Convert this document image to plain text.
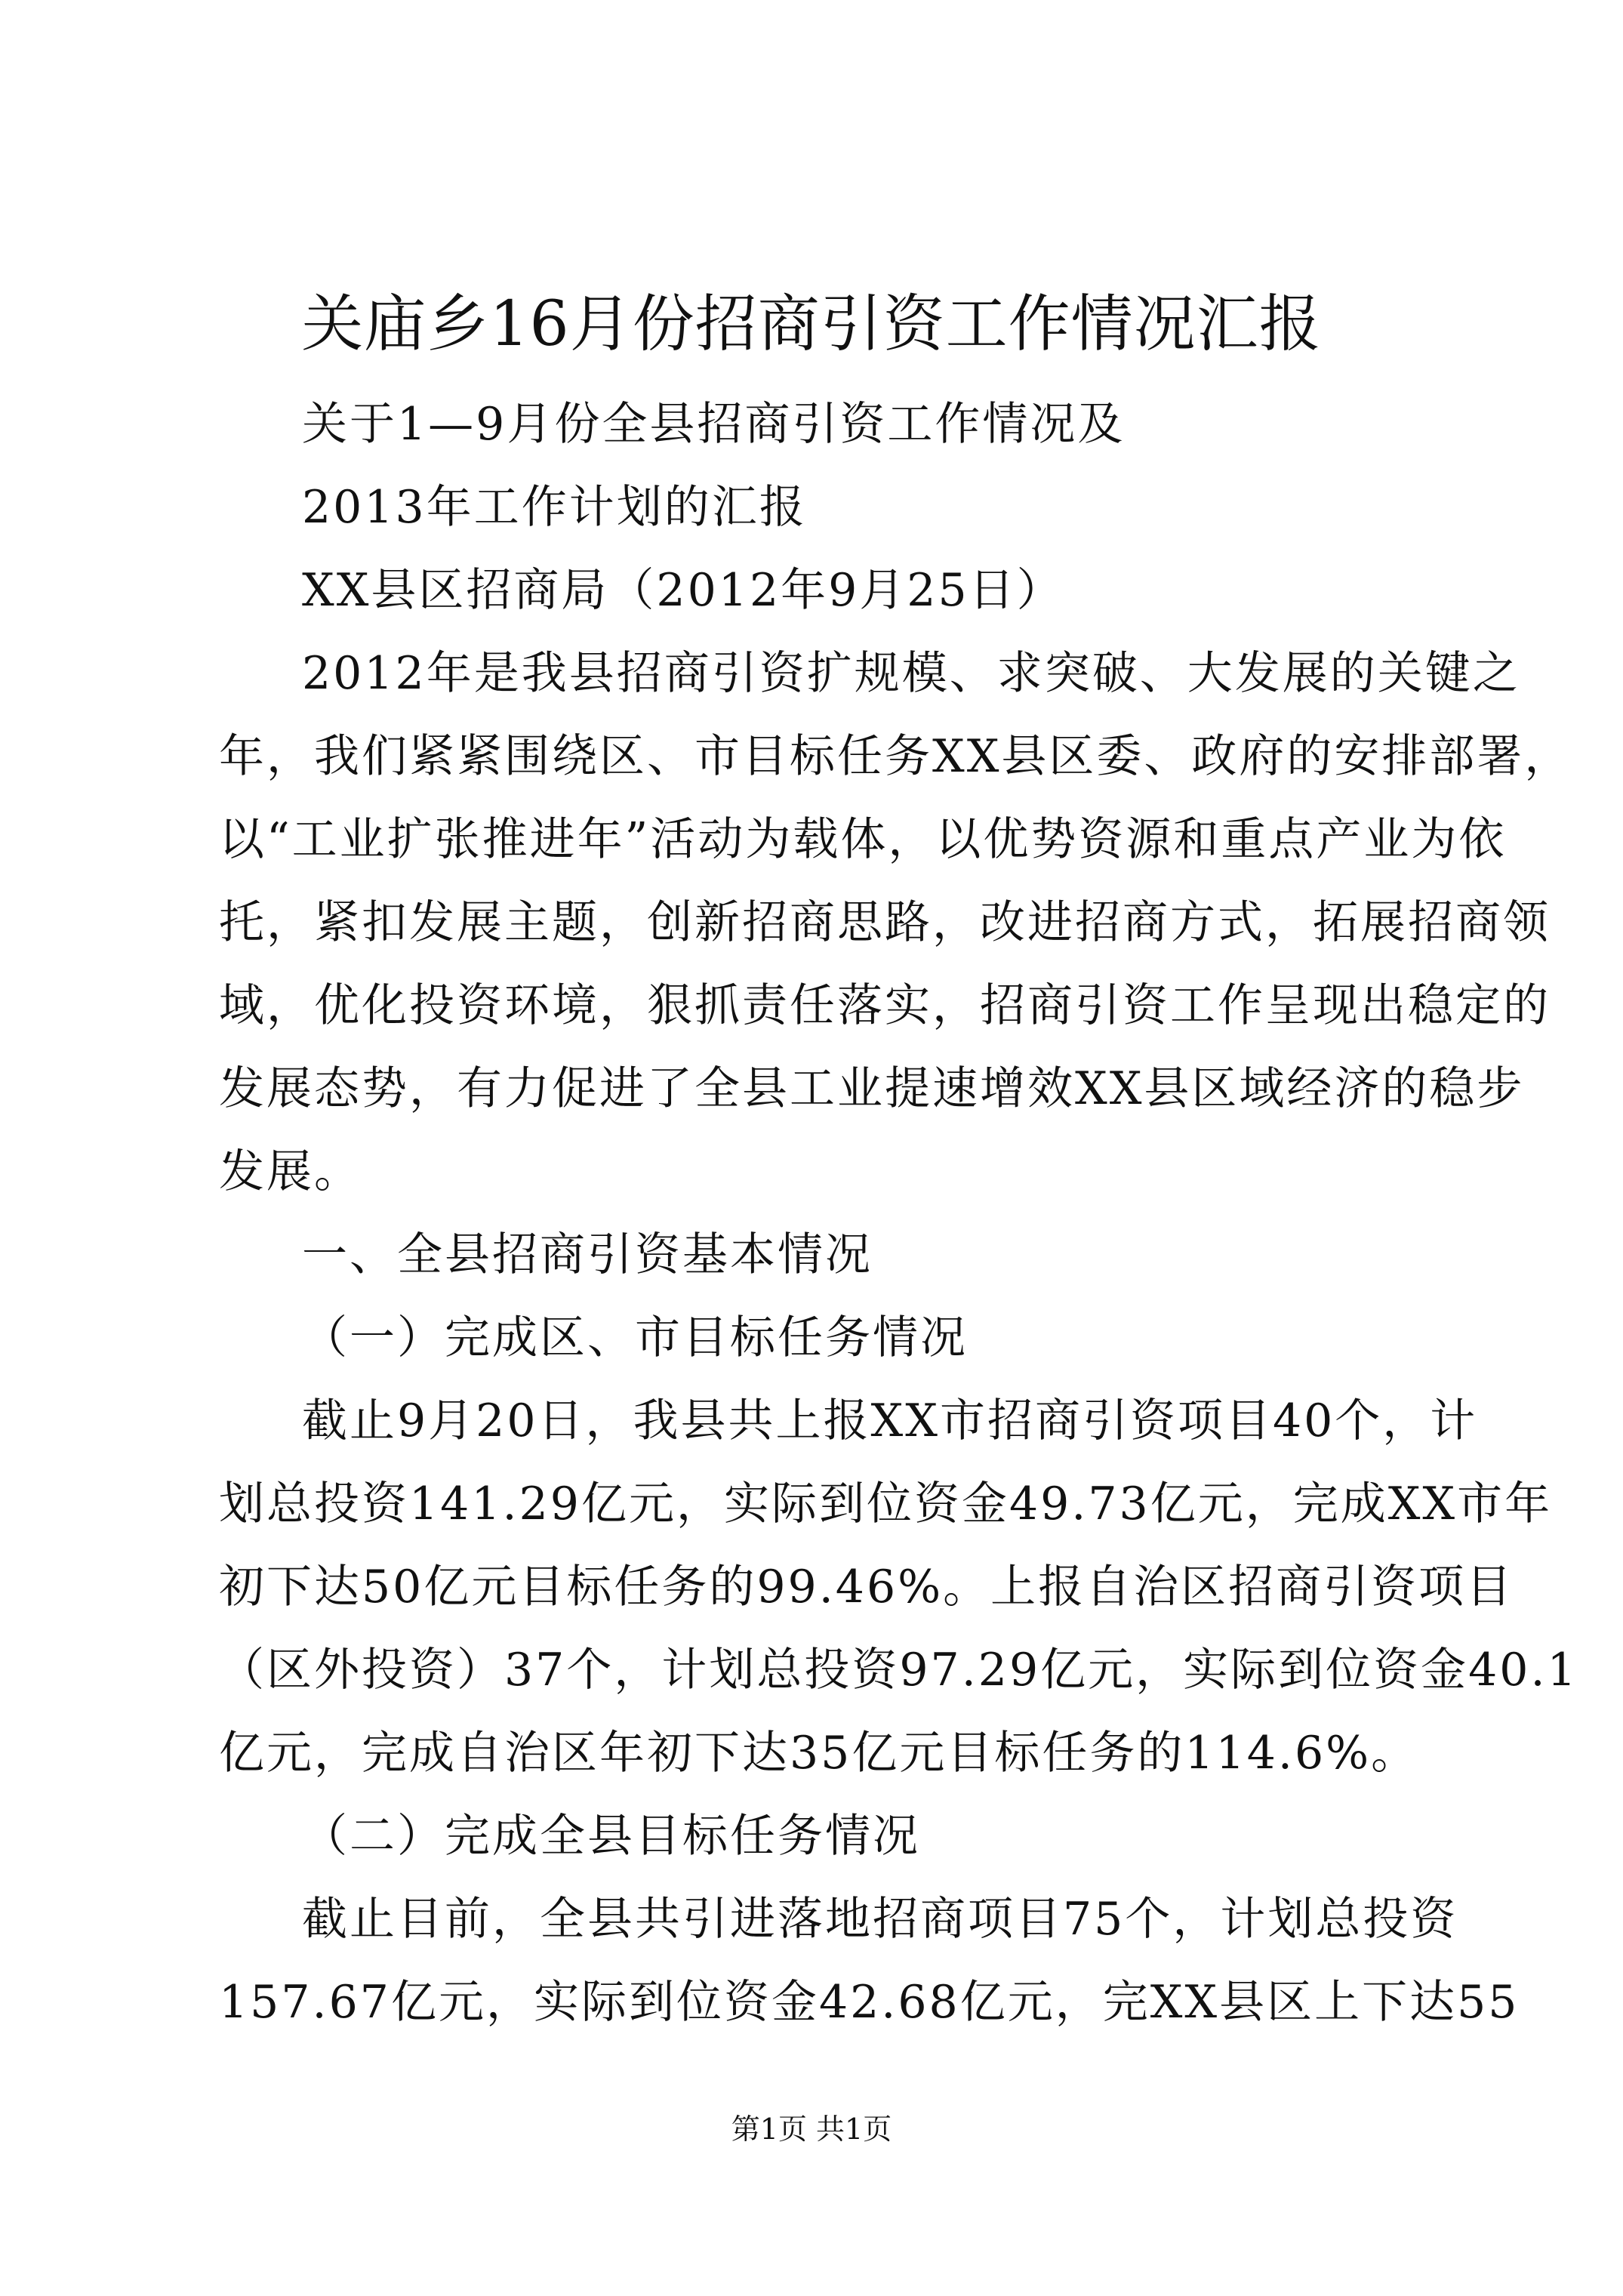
关庙乡16月份招商引资工作情况汇报
关于1—9月份全县招商引资工作情况及
2013年工作计划的汇报
XX县区招商局（2012年9月25日）
2012年是我县招商引资扩规模、求突破、大发展的关键之
年，我们紧紧围绕区、市目标任务XX县区委、政府的安排部署，
以“工业扩张推进年”活动为载体，以优势资源和重点产业为依
托，紧扣发展主题，创新招商思路，改进招商方式，拓展招商领
域，优化投资环境，狠抓责任落实，招商引资工作呈现出稳定的
发展态势，有力促进了全县工业提速增效XX县区域经济的稳步
发展。
一、全县招商引资基本情况
（一）完成区、市目标任务情况
截止9月20日，我县共上报XX市招商引资项目40个，计
划总投资141.29亿元，实际到位资金49.73亿元，完成XX市年
初下达50亿元目标任务的99.46%。上报自治区招商引资项目
（区外投资）37个，计划总投资97.29亿元，实际到位资金40.1
亿元，完成自治区年初下达35亿元目标任务的114.6%。
（二）完成全县目标任务情况
截止目前，全县共引进落地招商项目75个，计划总投资
157.67亿元，实际到位资金42.68亿元，完XX县区上下达55
第1页 共1页
